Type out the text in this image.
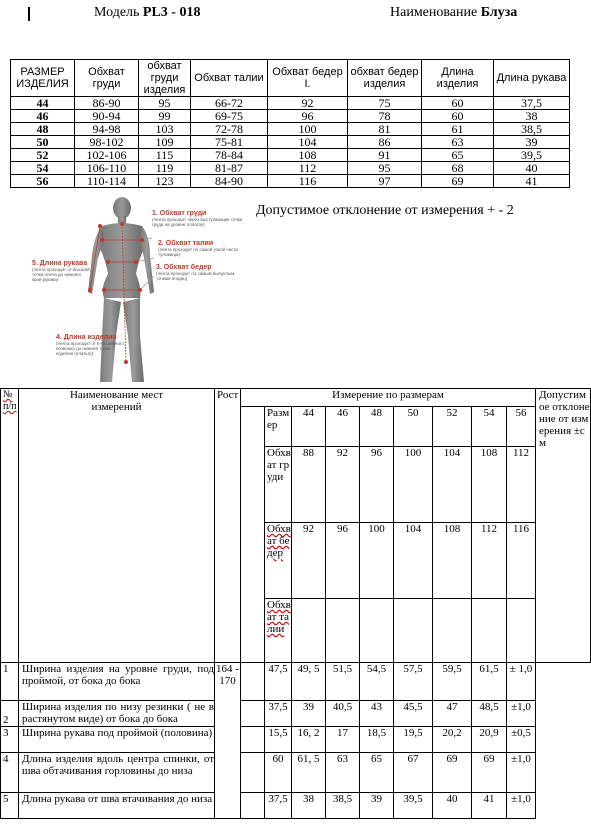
Модель PL3 - 018	Наименование Блуза
РАЗМЕР ИЗДЕЛИЯ	Обхват груди	обхват груди изделия	Обхват талии	Обхват бедер I.	обхват бедер изделия	Длина изделия	Длина рукава
44	86-90	95	66-72	92	75	60	37,5
46	90-94	99	69-75	96	78	60	38
48	94-98	103	72-78	100	81	61	38,5
50	98-102	109	75-81	104	86	63	39
52	102-106	115	78-84	108	91	65	39,5
54	106-110	119	81-87	112	95	68	40
56	110-114	123	84-90	116	97	69	41
Допустимое отклонение от измерения + - 2
1. Обхват груди
(лента проходит через выступающие точки груди на уровне лопаток)
2. Обхват талии
(лента проходит по самой узкой части туловища)
3. Обхват бедер
(лента проходит по самым выпуклым точкам ягодиц)
5. Длина рукава
(лента проходит от высшей точки плеча до нижнего края рукава)
4. Длина изделия
(лента проходит от 6-го шейного позвонка до нижней точки изделия (платья))
№ п/п	Наименование мест измерений	Рост	Измерение по размерам									Допустимое отклонение от измерения ±см
				Размер	44	46	48	50	52	54	56	
				Обхват груди	88	92	96	100	104	108	112	
				Обхват бедер	92	96	100	104	108	112	116	
				Обхват талии								
1	Ширина изделия на уровне груди, под проймой, от бока до бока	164 - 170		47,5	49, 5	51,5	54,5	57,5	59,5	61,5	± 1,0	
2	Ширина изделия по низу резинки ( не в растянутом виде) от бока до бока			37,5	39	40,5	43	45,5	47	48,5	±1,0	
3	Ширина рукава под проймой (половина)			15,5	16, 2	17	18,5	19,5	20,2	20,9	±0,5	
4	Длина изделия вдоль центра спинки, от шва обтачивания горловины до низа			60	61, 5	63	65	67	69	69	±1,0	
5	Длина рукава от шва втачивания до низа			37,5	38	38,5	39	39,5	40	41	±1,0	
